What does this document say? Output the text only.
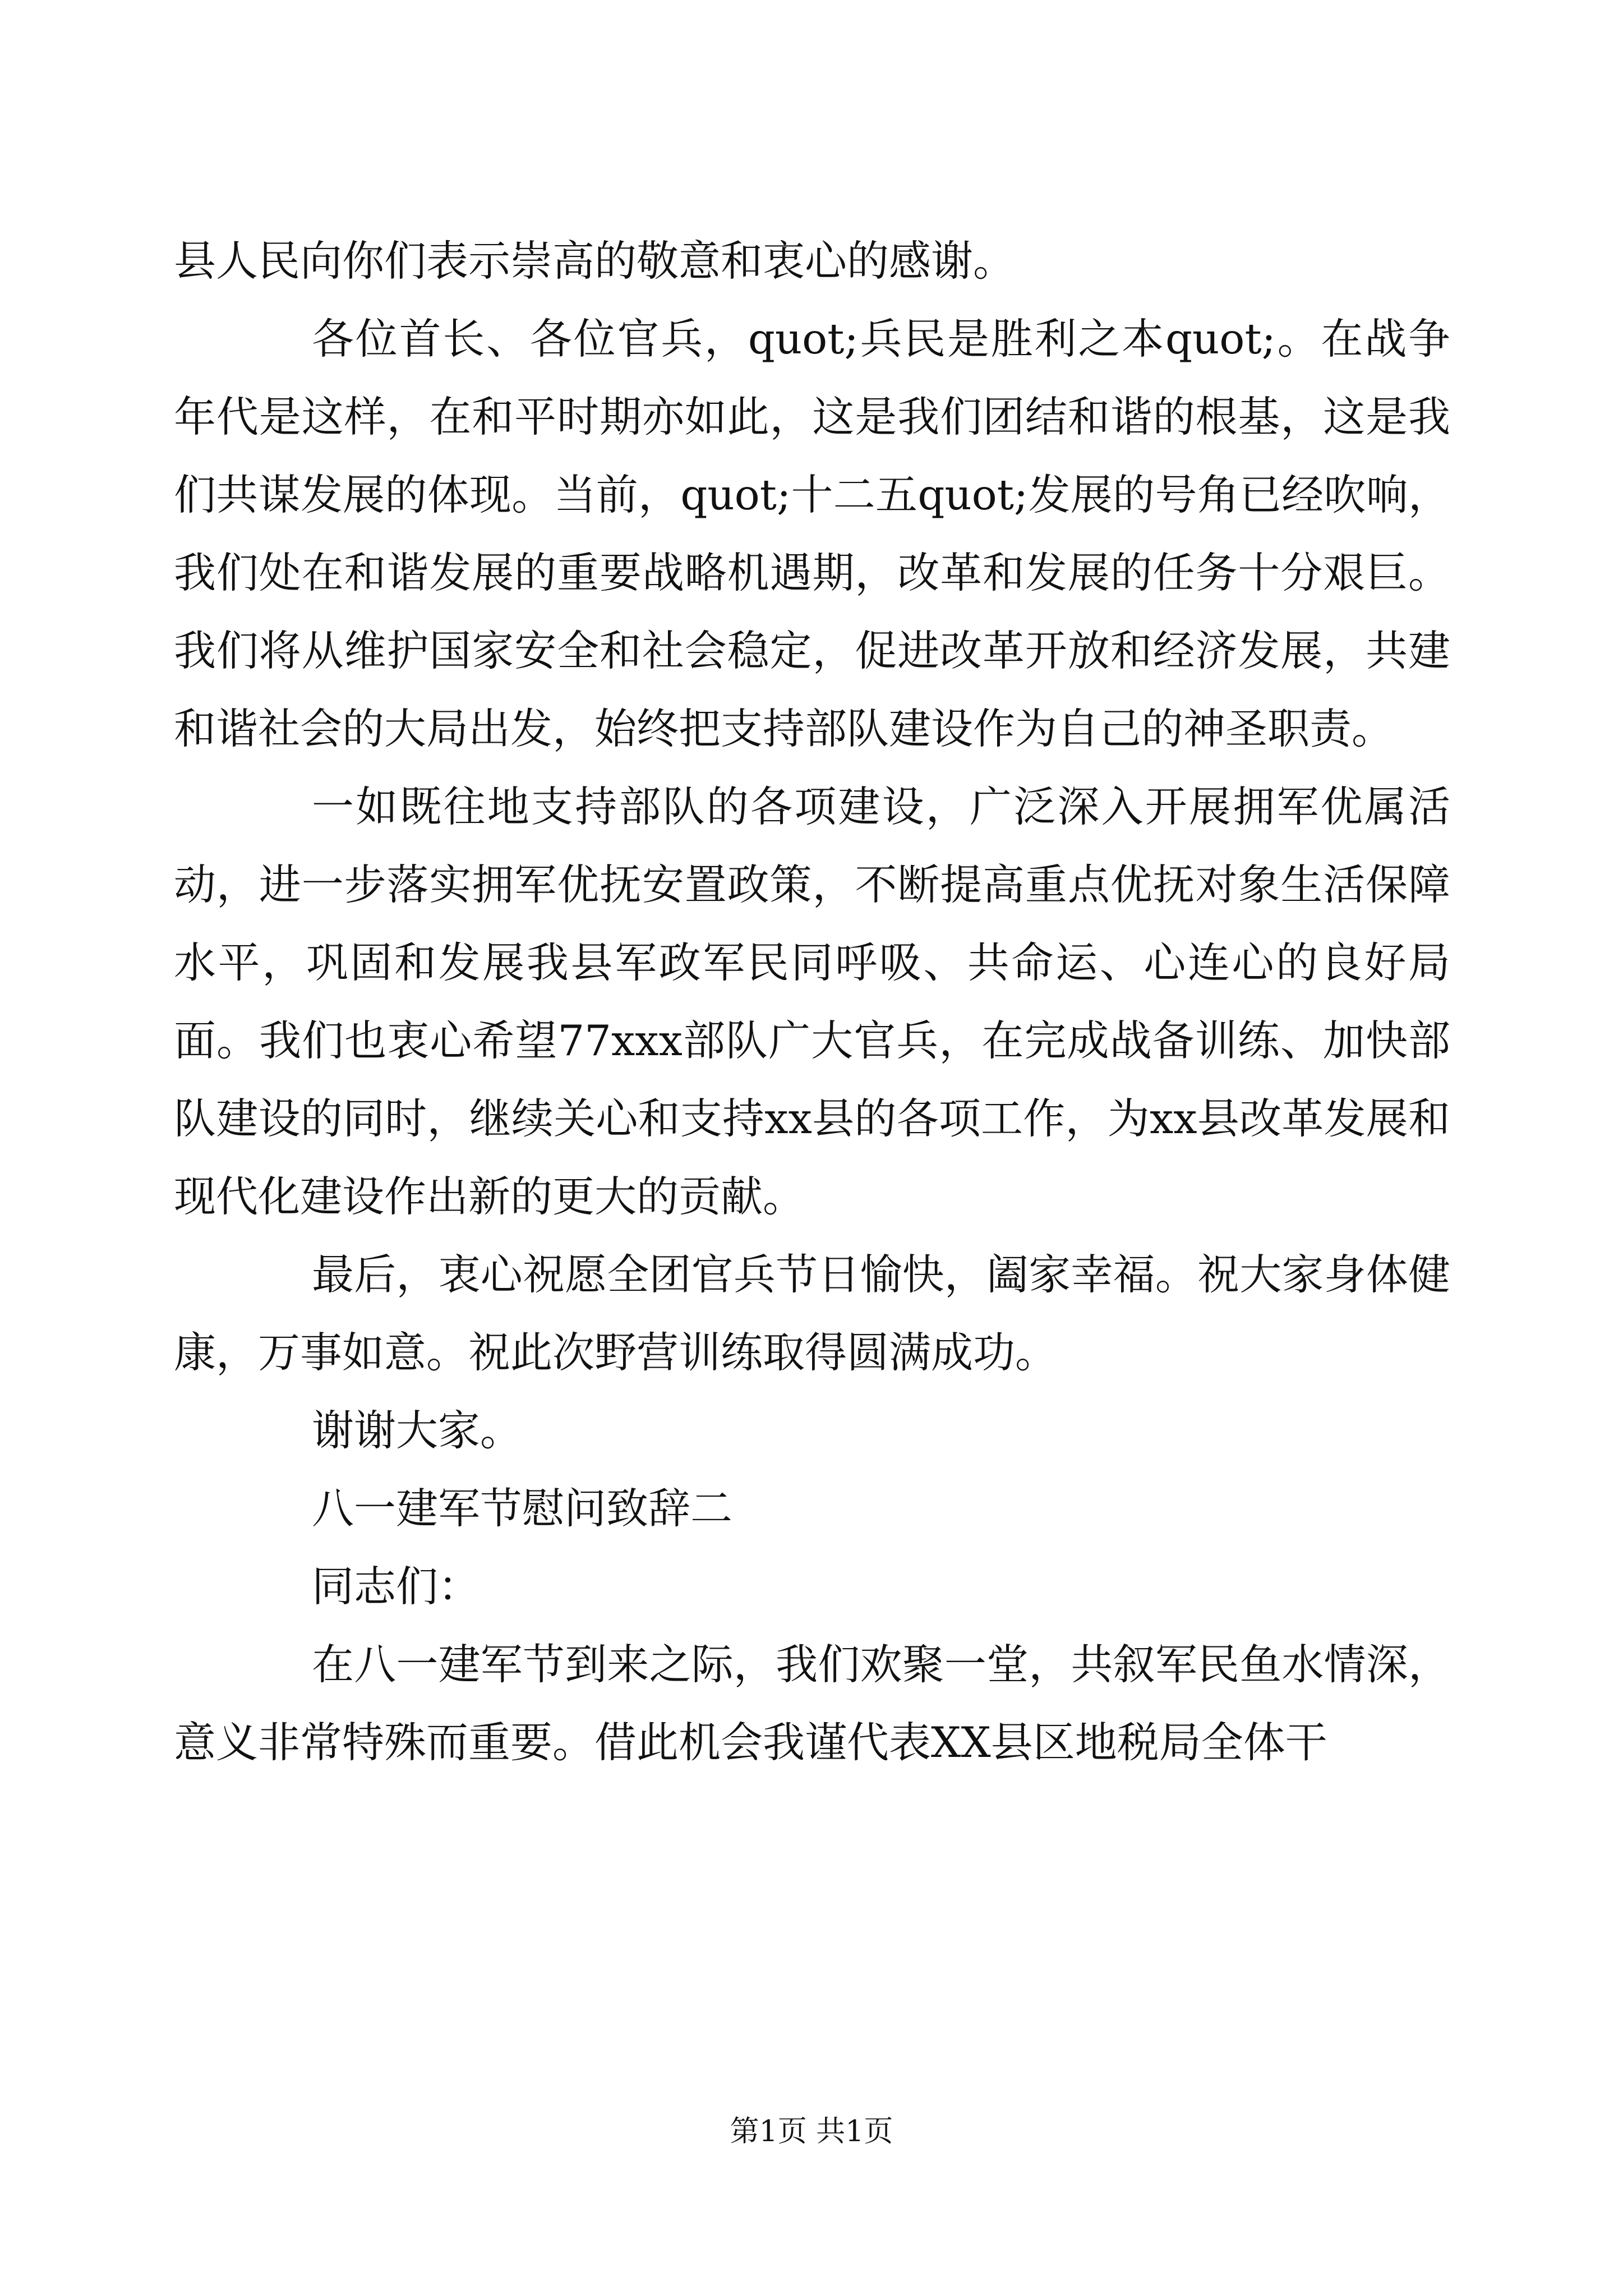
县人民向你们表示崇高的敬意和衷心的感谢。

各位首长、各位官兵，quot;兵民是胜利之本quot;。在战争年代是这样，在和平时期亦如此，这是我们团结和谐的根基，这是我们共谋发展的体现。当前，quot;十二五quot;发展的号角已经吹响，我们处在和谐发展的重要战略机遇期，改革和发展的任务十分艰巨。我们将从维护国家安全和社会稳定，促进改革开放和经济发展，共建和谐社会的大局出发，始终把支持部队建设作为自己的神圣职责。

一如既往地支持部队的各项建设，广泛深入开展拥军优属活动，进一步落实拥军优抚安置政策，不断提高重点优抚对象生活保障水平，巩固和发展我县军政军民同呼吸、共命运、心连心的良好局面。我们也衷心希望77xxx部队广大官兵，在完成战备训练、加快部队建设的同时，继续关心和支持xx县的各项工作，为xx县改革发展和现代化建设作出新的更大的贡献。

最后，衷心祝愿全团官兵节日愉快，阖家幸福。祝大家身体健康，万事如意。祝此次野营训练取得圆满成功。

谢谢大家。

八一建军节慰问致辞二

同志们：

在八一建军节到来之际，我们欢聚一堂，共叙军民鱼水情深，意义非常特殊而重要。借此机会我谨代表XX县区地税局全体干

第1页 共1页
